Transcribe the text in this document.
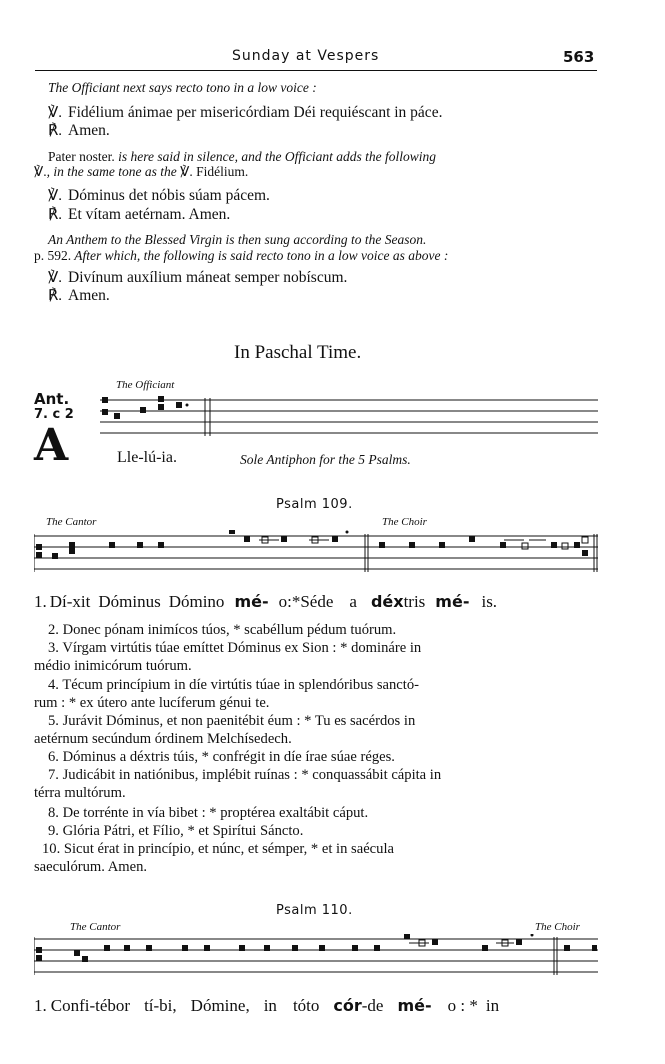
Sunday at Vespers	563
The Officiant next says recto tono in a low voice :
℣. Fidélium ánimae per misericórdiam Déi requiéscant in páce.
℟. Amen.
Pater noster. is here said in silence, and the Officiant adds the following
℣., in the same tone as the ℣. Fidélium.
℣. Dóminus det nóbis súam pácem.
℟. Et vítam aetérnam. Amen.
An Anthem to the Blessed Virgin is then sung according to the Season.
p. 592. After which, the following is said recto tono in a low voice as above :
℣. Divínum auxílium máneat semper nobíscum.
℟. Amen.
In Paschal Time.
The Officiant
Ant.
7. c 2
A	Lle-lú-ia.	Sole Antiphon for the 5 Psalms.
Psalm 109.
The Cantor	The Choir
1. Dí-xit Dóminus Dómino mé- o:*Séde a déxtris mé- is.
2. Donec pónam inimícos túos, * scabéllum pédum tuórum.
3. Vírgam virtútis túae emíttet Dóminus ex Sion : * domináre in
médio inimicórum tuórum.
4. Técum princípium in díe virtútis túae in splendóribus sanctó-
rum : * ex útero ante lucíferum génui te.
5. Jurávit Dóminus, et non paenitébit éum : * Tu es sacérdos in
aetérnum secúndum órdinem Melchísedech.
6. Dóminus a déxtris túis, * confrégit in díe írae súae réges.
7. Judicábit in natiónibus, implébit ruínas : * conquassábit cápita in
térra multórum.
8. De torrénte in vía bibet : * proptérea exaltábit cáput.
9. Glória Pátri, et Fílio, * et Spirítui Sáncto.
10. Sicut érat in princípio, et núnc, et sémper, * et in saécula
saeculórum. Amen.
Psalm 110.
The Cantor	The Choir
1. Confi-tébor tí-bi, Dómine, in tóto cór-de mé- o : * in
